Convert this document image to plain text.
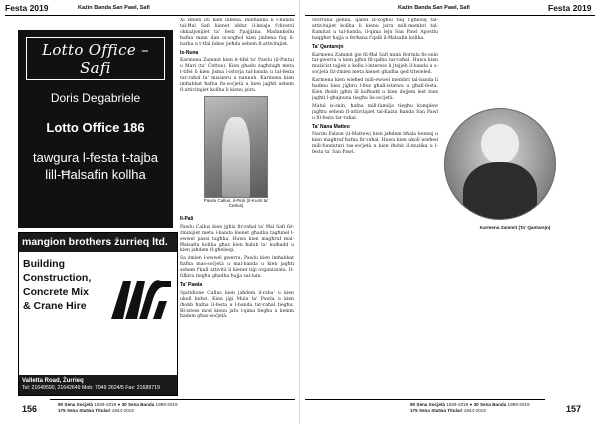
Festa 2019	Każin Banda San Pawl, Safi
Lotto Office – Safi
Doris Degabriele
Lotto Office 186
tawgura l-festa t-tajba
lill-Ħalsafin kollha
mangion brothers żurrieq ltd.
Building
Construction,
Concrete Mix
& Crane Hire
Valletta Road, Żurrieq
Tel: 21649590, 21642649 Mob: 7949 2624/5 Fax: 21689719
156	90 Sena Soċjetà 1929-2019 ● 30 Sena Banda 1989-2019
175 Sena Statwa Titulari 1844-2019
Każin Banda San Pawl, Safi	Festa 2019
157
90 Sena Soċjetà 1929-2019 ● 30 Sena Banda 1989-2019
175 Sena Statwa Titulari 1844-2019

Xi żmien ilu kien inbena, minħabba li l-Banda tal-Ħal Safi kienet iddur il-knisja f'diversi okkażjonijiet ta' festi f'pajjiżna. Madankollu ħafna minn dan ix-xogħol kien jinbena fuq il-barka u t-tfal bdew jieħdu sehem fl-attivitajiet.

Is-Nuna

Karmenu Zammit kien it-tifel ta' Pawlu (il-Pinta) u Mari (ta' Ċettus). Kien għadu żagħżugħ meta t-tifel li kien jisma l-istorja tal-banda u tal-festa tar-raħal ta' missieru u nannuh. Karmenu kien imħabbat ħafna fis-soċjetà u kien jagħti sehem fl-attivitajiet kollha li kienu jsiru.

Pawlu Callus, il-Pinti (Il-Kunti ta' Ċettus)
Il-Pali

Pawlu Callus kien jgħix fir-raħal ta' Ħal Safi fiż-żminijiet meta l-banda kienet għadha tagħmel l-ewwel passi tagħha. Huwa kien magħruf mal-Ħalsafin kollha għax kien ħabib ta' kulħadd u kien jaħdem fl-għelieqi.

Sa żmien l-ewwel gwerra, Pawlu kien imħabbat ħafna mas-soċjetà u mal-banda u kien jagħti sehem f'kull attività li kienet tiġi organizzata. It-tifkira tiegħu għadha ħajja sal-lum.

Ta' Pawla

Spiridione Callus kien jaħdem il-raba' u kien ukoll bidwi. Kien jiġi Mula ta' Pawlu u kien iħobb ħafna il-festa u l-banda tar-raħal tiegħu. Bl-istess mod kienu jafu l-qima tiegħu u kemm ħadem għas-soċjetà.

Sfortuna ġenna, qabel ix-xogħol fuq l-għeluq tal-attivitajiet kollha li kienu jsiru mill-membri tal-Kumitat u tal-banda, il-qima lejn San Pawl Apostlu baqgħet ħajja u ferħana f'qalb il-Ħalsafin kollha.

Ta' Qantarejn

Karmenu Zammit ġie fil-Ħal Safi minn Bormla fis-snin tal-gwerra u kien jgħix fil-qalba tar-raħal. Huwa kien mużiċist tajjeb u kellu l-interess li jtejjeb il-banda u s-soċjetà fiż-żmien meta kienet għadha qed titwieled.

Karmenu kien wieħed mill-ewwel membri tal-banda li ħadmu biex jiġbru l-flus għall-istatwa u għall-festa. Kien iħobb jgħin lil kulħadd u kien dejjem lest biex jagħti l-għajnuna tiegħu lis-soċjetà.

Matul is-snin, ħafna mill-familja tiegħu komplew jagħtu sehem fl-attivitajiet tal-Każin Banda San Pawl u fil-festa tar-raħal.

Ta' Nana Matteo

Nardu Falzon (il-Mattew) kien jaħdem bħala bennej u kien magħruf ħafna fir-raħal. Huwa kien ukoll wieħed mill-fundaturi tas-soċjetà u kien iħobb il-mużika u l-festa ta' San Pawl.

Karmenu Zammit (Ta' Qantarejn)
